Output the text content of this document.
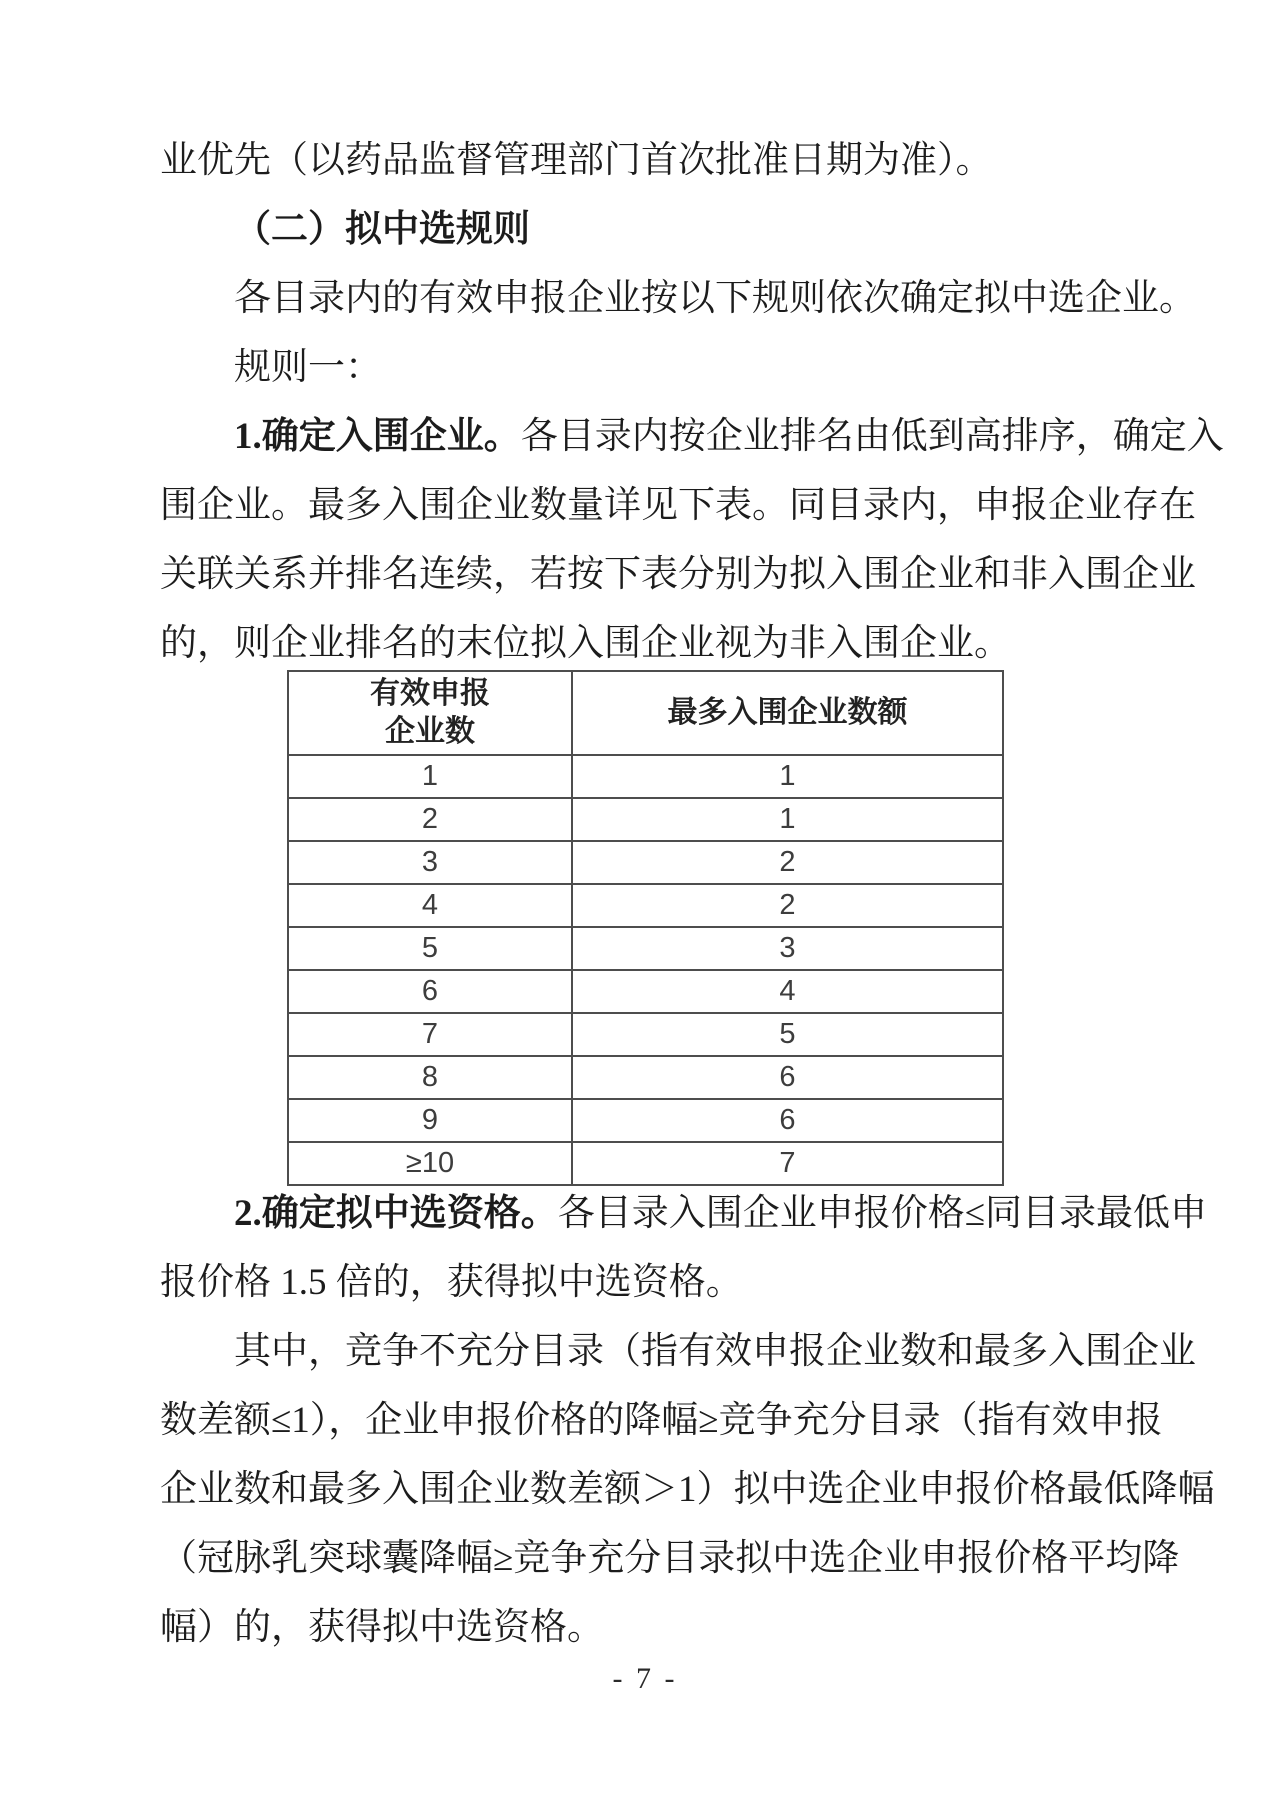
业优先（以药品监督管理部门首次批准日期为准）。
（二）拟中选规则
各目录内的有效申报企业按以下规则依次确定拟中选企业。
规则一：
1.确定入围企业。各目录内按企业排名由低到高排序，确定入
围企业。最多入围企业数量详见下表。同目录内，申报企业存在
关联关系并排名连续，若按下表分别为拟入围企业和非入围企业
的，则企业排名的末位拟入围企业视为非入围企业。
有效申报
企业数	最多入围企业数额
1	1
2	1
3	2
4	2
5	3
6	4
7	5
8	6
9	6
≥10	7
2.确定拟中选资格。各目录入围企业申报价格≤同目录最低申
报价格 1.5 倍的，获得拟中选资格。
其中，竞争不充分目录（指有效申报企业数和最多入围企业
数差额≤1），企业申报价格的降幅≥竞争充分目录（指有效申报
企业数和最多入围企业数差额＞1）拟中选企业申报价格最低降幅
（冠脉乳突球囊降幅≥竞争充分目录拟中选企业申报价格平均降
幅）的，获得拟中选资格。
- 7 -
